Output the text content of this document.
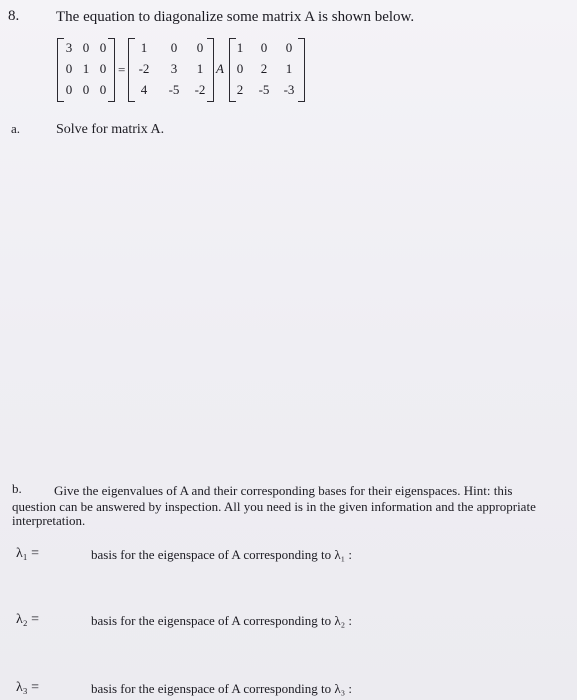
8. The equation to diagonalize some matrix A is shown below.
3 0 0
0 1 0
0 0 0
=
1	0	0
-2	3	1
4	-5	-2
A
1	0	0
0	2	1
2	-5	-3
a.	Solve for matrix A.
b. Give the eigenvalues of A and their corresponding bases for their eigenspaces. Hint: this
question can be answered by inspection. All you need is in the given information and the appropriate
interpretation.
λ₁ =	basis for the eigenspace of A corresponding to λ₁ :
λ₂ =	basis for the eigenspace of A corresponding to λ₂ :
λ₃ =	basis for the eigenspace of A corresponding to λ₃ :
